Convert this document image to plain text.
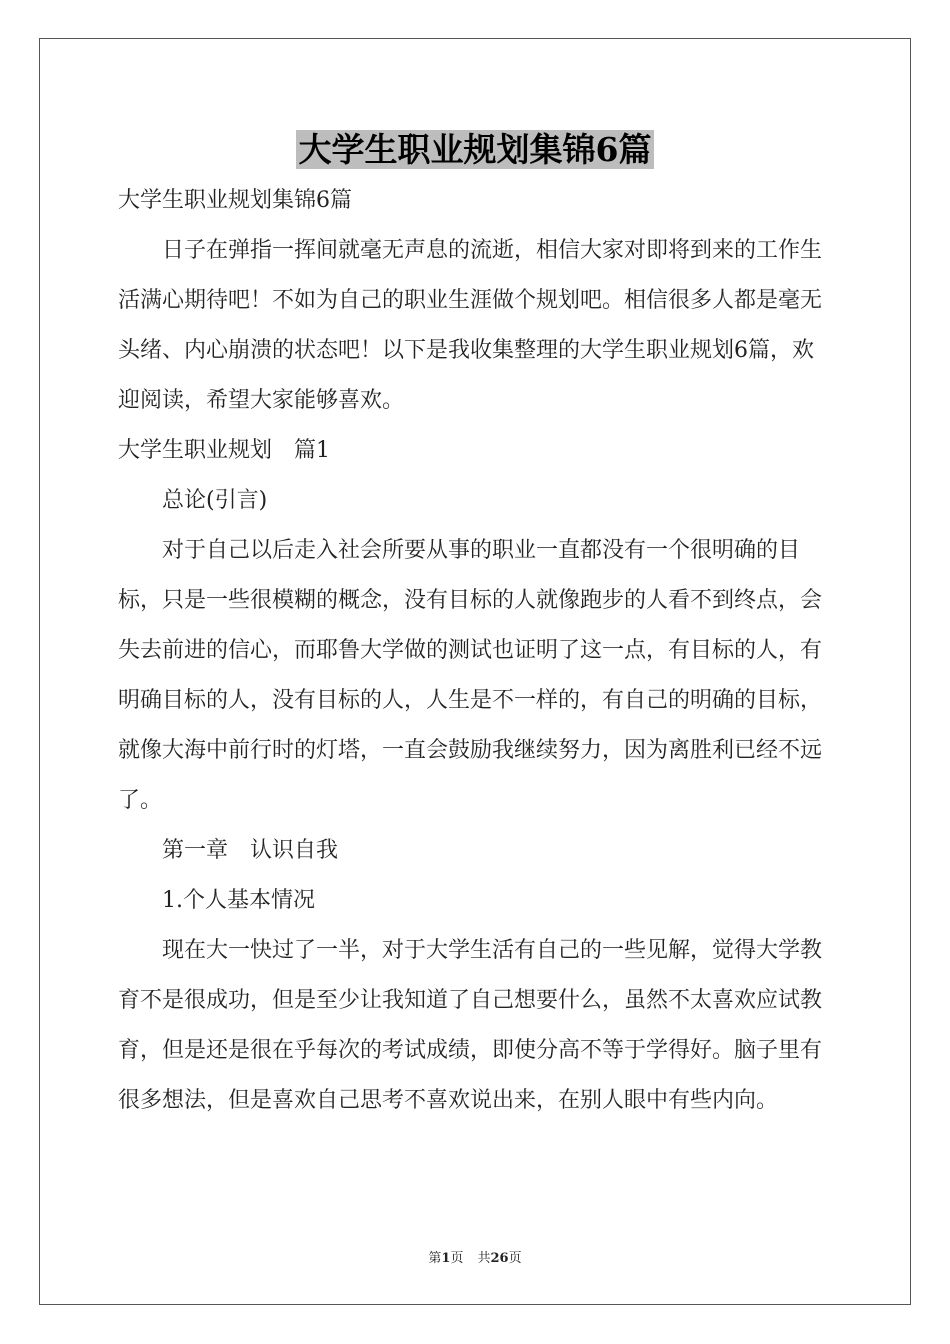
大学生职业规划集锦6篇

大学生职业规划集锦6篇

日子在弹指一挥间就毫无声息的流逝，相信大家对即将到来的工作生活满心期待吧！不如为自己的职业生涯做个规划吧。相信很多人都是毫无头绪、内心崩溃的状态吧！以下是我收集整理的大学生职业规划6篇，欢迎阅读，希望大家能够喜欢。

大学生职业规划　篇1

总论(引言)

对于自己以后走入社会所要从事的职业一直都没有一个很明确的目标，只是一些很模糊的概念，没有目标的人就像跑步的人看不到终点，会失去前进的信心，而耶鲁大学做的测试也证明了这一点，有目标的人，有明确目标的人，没有目标的人，人生是不一样的，有自己的明确的目标，就像大海中前行时的灯塔，一直会鼓励我继续努力，因为离胜利已经不远了。

第一章　认识自我

1.个人基本情况

现在大一快过了一半，对于大学生活有自己的一些见解，觉得大学教育不是很成功，但是至少让我知道了自己想要什么，虽然不太喜欢应试教育，但是还是很在乎每次的考试成绩，即使分高不等于学得好。脑子里有很多想法，但是喜欢自己思考不喜欢说出来，在别人眼中有些内向。

第1页 共26页
